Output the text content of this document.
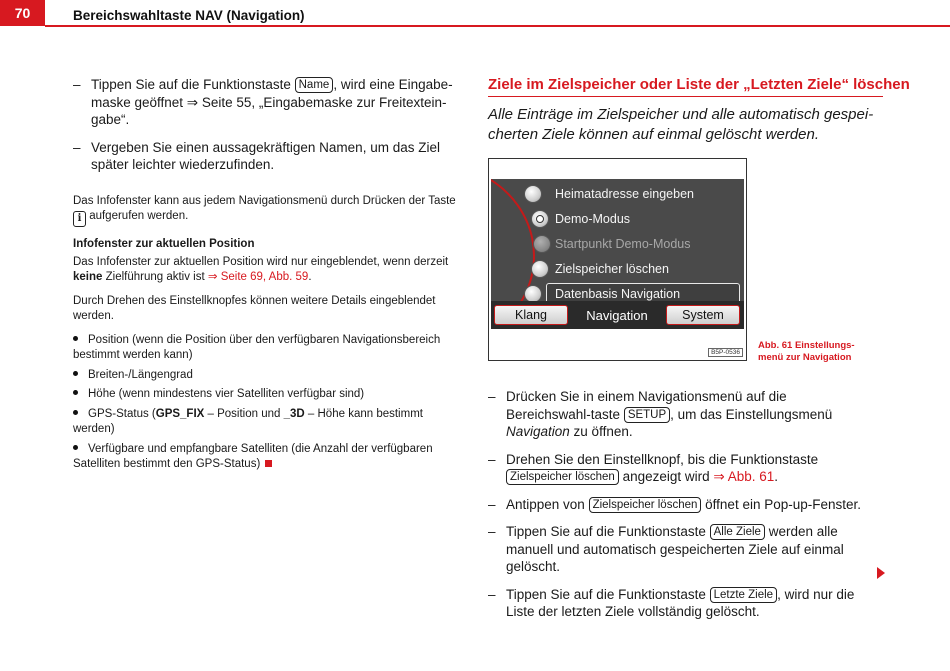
70	Bereichswahltaste NAV (Navigation)
– Tippen Sie auf die Funktionstaste Name , wird eine Eingabe-maske geöffnet ⇒ Seite 55, „Eingabemaske zur Freitextein-gabe“.
– Vergeben Sie einen aussagekräftigen Namen, um das Ziel später leichter wiederzufinden.
Das Infofenster kann aus jedem Navigationsmenü durch Drücken der Taste i aufgerufen werden.
Infofenster zur aktuellen Position
Das Infofenster zur aktuellen Position wird nur eingeblendet, wenn derzeit keine Zielführung aktiv ist ⇒ Seite 69, Abb. 59.
Durch Drehen des Einstellknopfes können weitere Details eingeblendet werden.
Position (wenn die Position über den verfügbaren Navigationsbereich bestimmt werden kann)
Breiten-/Längengrad
Höhe (wenn mindestens vier Satelliten verfügbar sind)
GPS-Status (GPS_FIX – Position und _3D – Höhe kann bestimmt werden)
Verfügbare und empfangbare Satelliten (die Anzahl der verfügbaren Satelliten bestimmt den GPS-Status)
Ziele im Zielspeicher oder Liste der „Letzten Ziele“ löschen
Alle Einträge im Zielspeicher und alle automatisch gespei-cherten Ziele können auf einmal gelöscht werden.
Heimatadresse eingeben
Demo-Modus
Startpunkt Demo-Modus
Zielspeicher löschen
Datenbasis Navigation
Klang	Navigation	System
B5P-0536
Abb. 61 Einstellungs-menü zur Navigation
– Drücken Sie in einem Navigationsmenü auf die Bereichswahl-taste SETUP , um das Einstellungsmenü Navigation zu öffnen.
– Drehen Sie den Einstellknopf, bis die Funktionstaste Zielspeicher löschen angezeigt wird ⇒ Abb. 61.
– Antippen von Zielspeicher löschen öffnet ein Pop-up-Fenster.
– Tippen Sie auf die Funktionstaste Alle Ziele werden alle manuell und automatisch gespeicherten Ziele auf einmal gelöscht.
– Tippen Sie auf die Funktionstaste Letzte Ziele , wird nur die Liste der letzten Ziele vollständig gelöscht.
